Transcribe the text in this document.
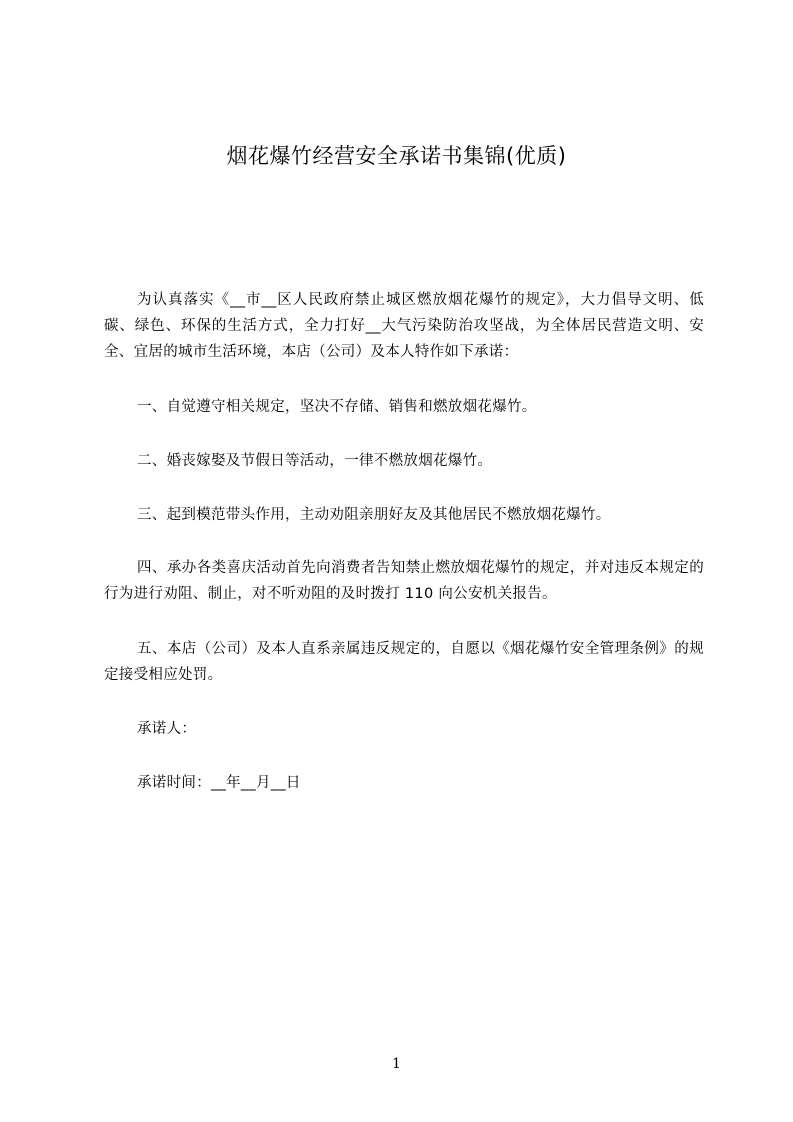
烟花爆竹经营安全承诺书集锦(优质)

为认真落实《__市__区人民政府禁止城区燃放烟花爆竹的规定》，大力倡导文明、低碳、绿色、环保的生活方式，全力打好__大气污染防治攻坚战，为全体居民营造文明、安全、宜居的城市生活环境，本店（公司）及本人特作如下承诺：

一、自觉遵守相关规定，坚决不存储、销售和燃放烟花爆竹。

二、婚丧嫁娶及节假日等活动，一律不燃放烟花爆竹。

三、起到模范带头作用，主动劝阻亲朋好友及其他居民不燃放烟花爆竹。

四、承办各类喜庆活动首先向消费者告知禁止燃放烟花爆竹的规定，并对违反本规定的行为进行劝阻、制止，对不听劝阻的及时拨打 110 向公安机关报告。

五、本店（公司）及本人直系亲属违反规定的，自愿以《烟花爆竹安全管理条例》的规定接受相应处罚。

承诺人：

承诺时间：__年__月__日

1
